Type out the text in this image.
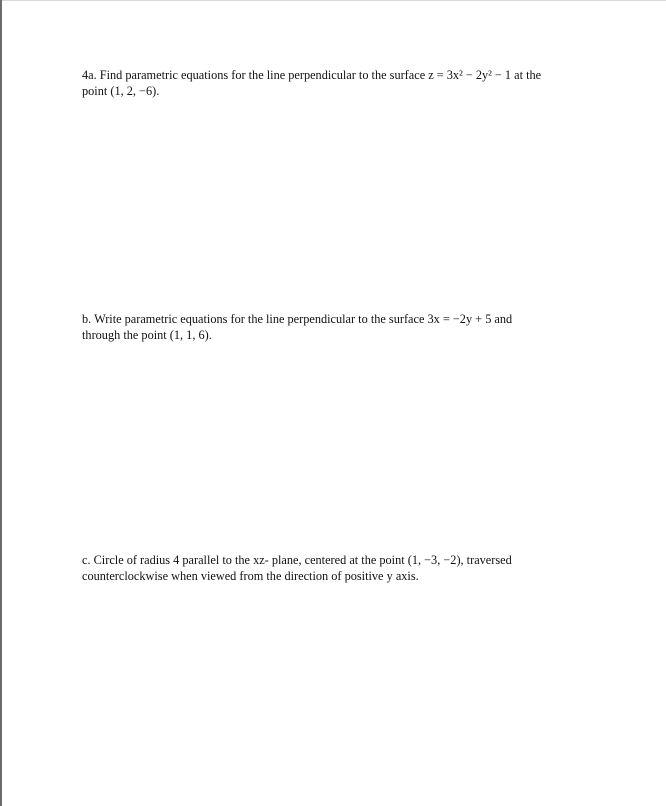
4a. Find parametric equations for the line perpendicular to the surface z = 3x² − 2y² − 1 at the
point (1, 2, −6).

b. Write parametric equations for the line perpendicular to the surface 3x = −2y + 5 and
through the point (1, 1, 6).

c. Circle of radius 4 parallel to the xz- plane, centered at the point (1, −3, −2), traversed
counterclockwise when viewed from the direction of positive y axis.
